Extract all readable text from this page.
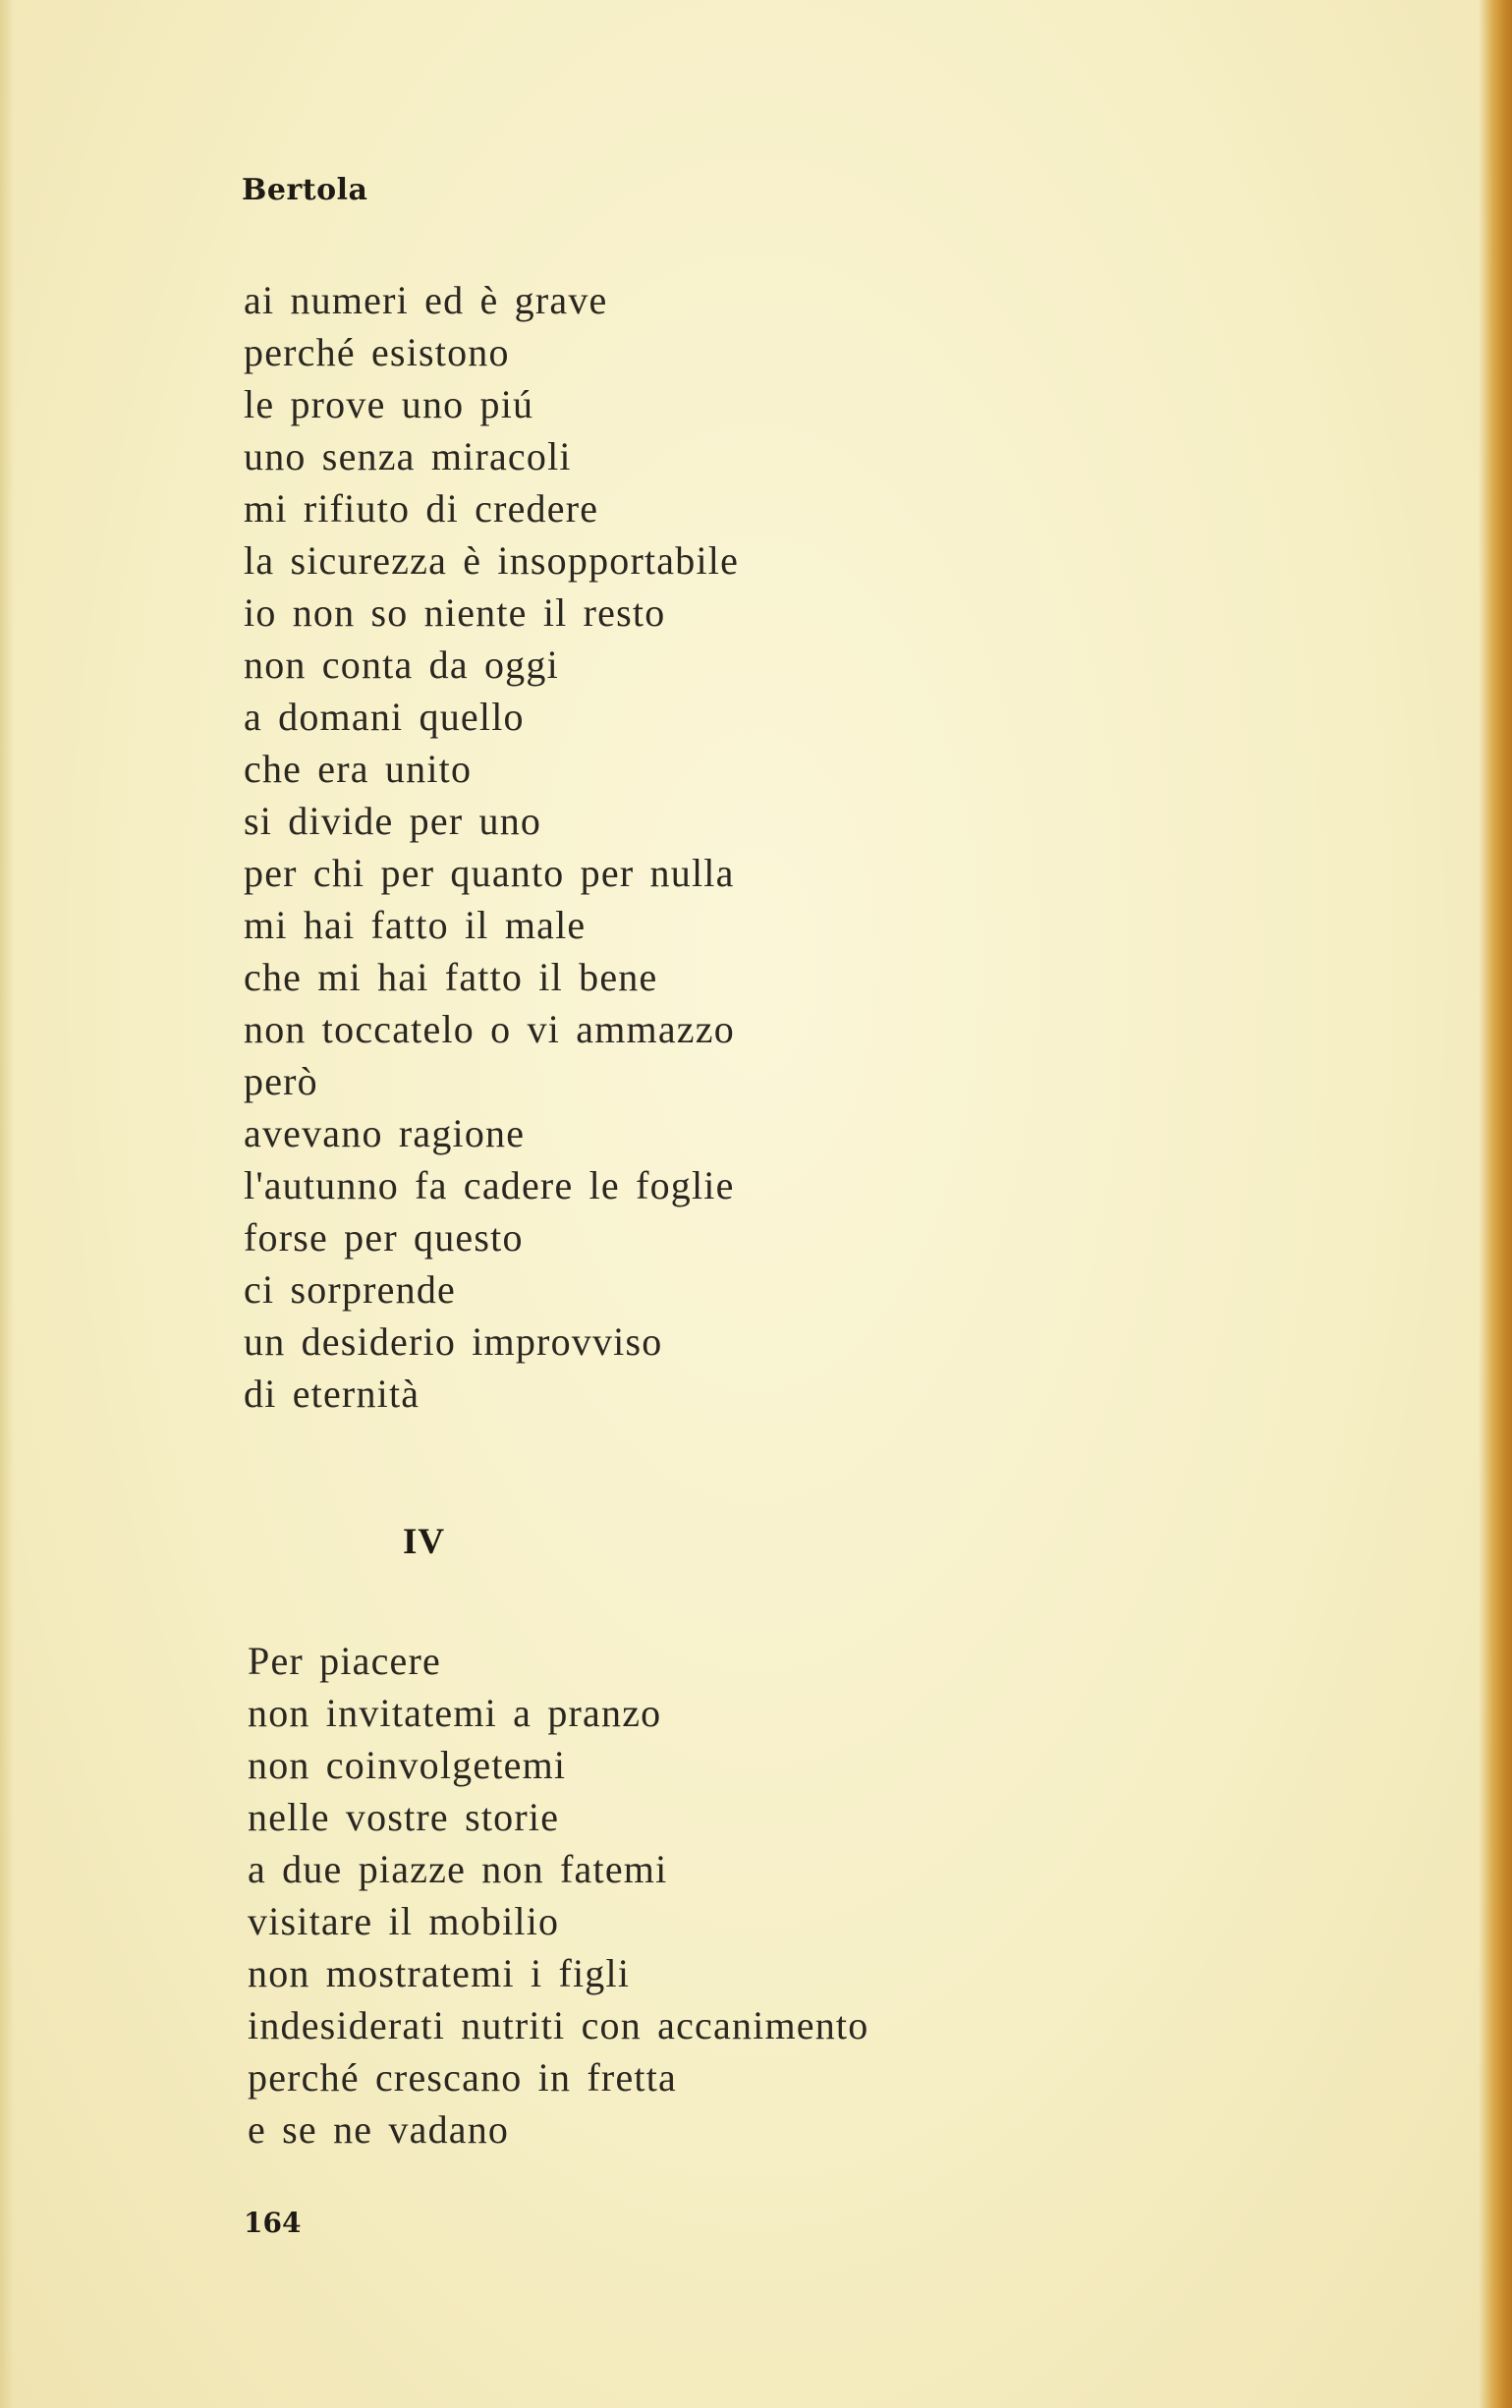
Bertola
ai numeri ed è grave
perché esistono
le prove uno piú
uno senza miracoli
mi rifiuto di credere
la sicurezza è insopportabile
io non so niente il resto
non conta da oggi
a domani quello
che era unito
si divide per uno
per chi per quanto per nulla
mi hai fatto il male
che mi hai fatto il bene
non toccatelo o vi ammazzo
però
avevano ragione
l'autunno fa cadere le foglie
forse per questo
ci sorprende
un desiderio improvviso
di eternità
IV
Per piacere
non invitatemi a pranzo
non coinvolgetemi
nelle vostre storie
a due piazze non fatemi
visitare il mobilio
non mostratemi i figli
indesiderati nutriti con accanimento
perché crescano in fretta
e se ne vadano
164
